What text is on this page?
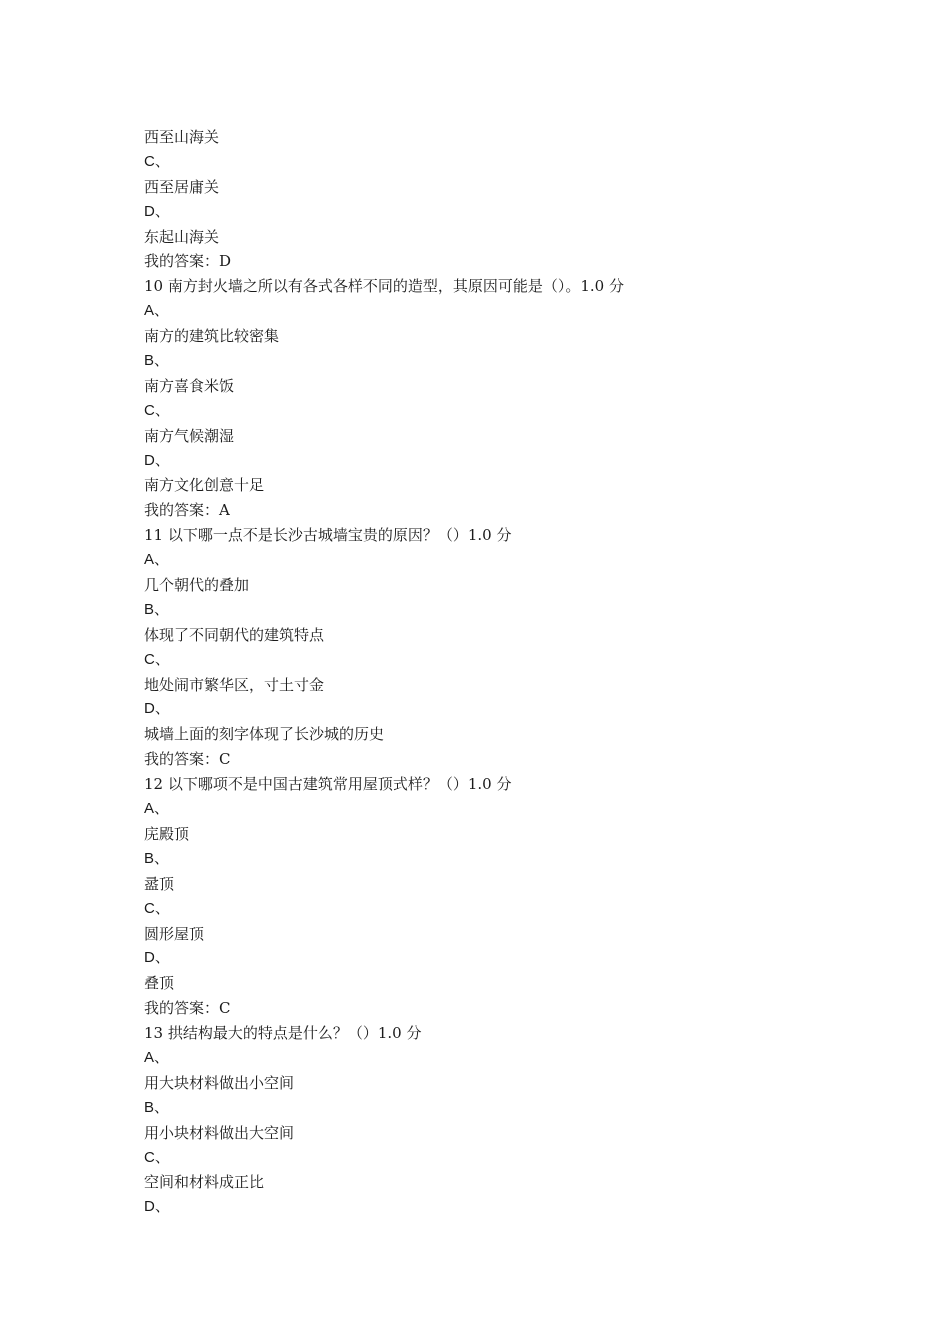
西至山海关
C、
西至居庸关
D、
东起山海关
我的答案：D
10 南方封火墙之所以有各式各样不同的造型，其原因可能是（）。1.0 分
A、
南方的建筑比较密集
B、
南方喜食米饭
C、
南方气候潮湿
D、
南方文化创意十足
我的答案：A
11 以下哪一点不是长沙古城墙宝贵的原因？（）1.0 分
A、
几个朝代的叠加
B、
体现了不同朝代的建筑特点
C、
地处闹市繁华区，寸土寸金
D、
城墙上面的刻字体现了长沙城的历史
我的答案：C
12 以下哪项不是中国古建筑常用屋顶式样？（）1.0 分
A、
庑殿顶
B、
盝顶
C、
圆形屋顶
D、
叠顶
我的答案：C
13 拱结构最大的特点是什么？（）1.0 分
A、
用大块材料做出小空间
B、
用小块材料做出大空间
C、
空间和材料成正比
D、
